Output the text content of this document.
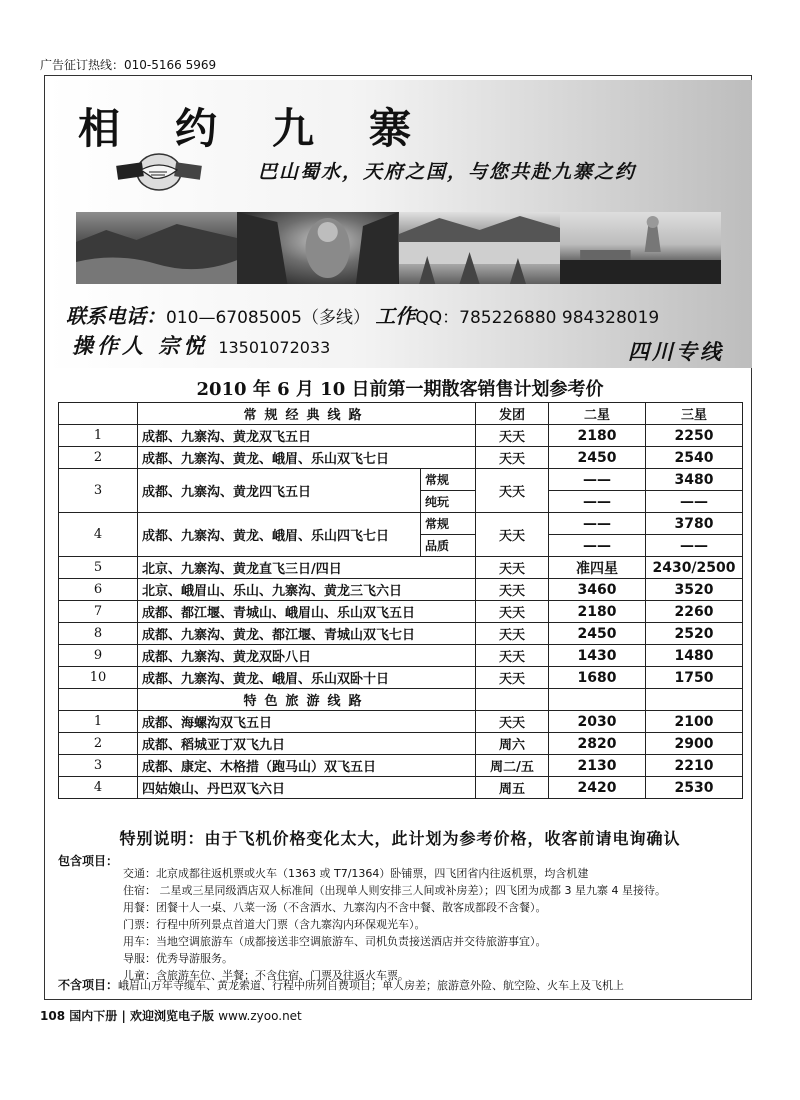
广告征订热线：010-5166 5969
相约九寨
巴山蜀水，天府之国，与您共赴九寨之约
联系电话：010—67085005（多线） 工作QQ：785226880 984328019
操作人 宗悦 13501072033	四川专线
2010 年 6 月 10 日前第一期散客销售计划参考价
	常规经典线路		发团	二星	三星
1	成都、九寨沟、黄龙双飞五日		天天	2180	2250
2	成都、九寨沟、黄龙、峨眉、乐山双飞七日		天天	2450	2540
3	成都、九寨沟、黄龙四飞五日	常规	天天	——	3480
		纯玩		——	——
4	成都、九寨沟、黄龙、峨眉、乐山四飞七日	常规	天天	——	3780
		品质		——	——
5	北京、九寨沟、黄龙直飞三日/四日		天天	准四星	2430/2500
6	北京、峨眉山、乐山、九寨沟、黄龙三飞六日		天天	3460	3520
7	成都、都江堰、青城山、峨眉山、乐山双飞五日		天天	2180	2260
8	成都、九寨沟、黄龙、都江堰、青城山双飞七日		天天	2450	2520
9	成都、九寨沟、黄龙双卧八日		天天	1430	1480
10	成都、九寨沟、黄龙、峨眉、乐山双卧十日		天天	1680	1750
	特色旅游线路				
1	成都、海螺沟双飞五日		天天	2030	2100
2	成都、稻城亚丁双飞九日		周六	2820	2900
3	成都、康定、木格措（跑马山）双飞五日		周二/五	2130	2210
4	四姑娘山、丹巴双飞六日		周五	2420	2530
特别说明：由于飞机价格变化太大，此计划为参考价格，收客前请电询确认
包含项目：
交通：北京成都往返机票或火车（1363 或 T7/1364）卧铺票，四飞团省内往返机票，均含机建
住宿： 二星或三星同级酒店双人标准间（出现单人则安排三人间或补房差）；四飞团为成都 3 星九寨 4 星接待。
用餐：团餐十人一桌、八菜一汤（不含酒水、九寨沟内不含中餐、散客成都段不含餐）。
门票：行程中所列景点首道大门票（含九寨沟内环保观光车）。
用车：当地空调旅游车（成都接送非空调旅游车、司机负责接送酒店并交待旅游事宜）。
导服：优秀导游服务。
儿童：含旅游车位、半餐；不含住宿、门票及往返火车票。
不含项目：峨眉山万年寺缆车、黄龙索道、行程中所列自费项目；单人房差；旅游意外险、航空险、火车上及飞机上
108 国内下册 | 欢迎浏览电子版 www.zyoo.net
